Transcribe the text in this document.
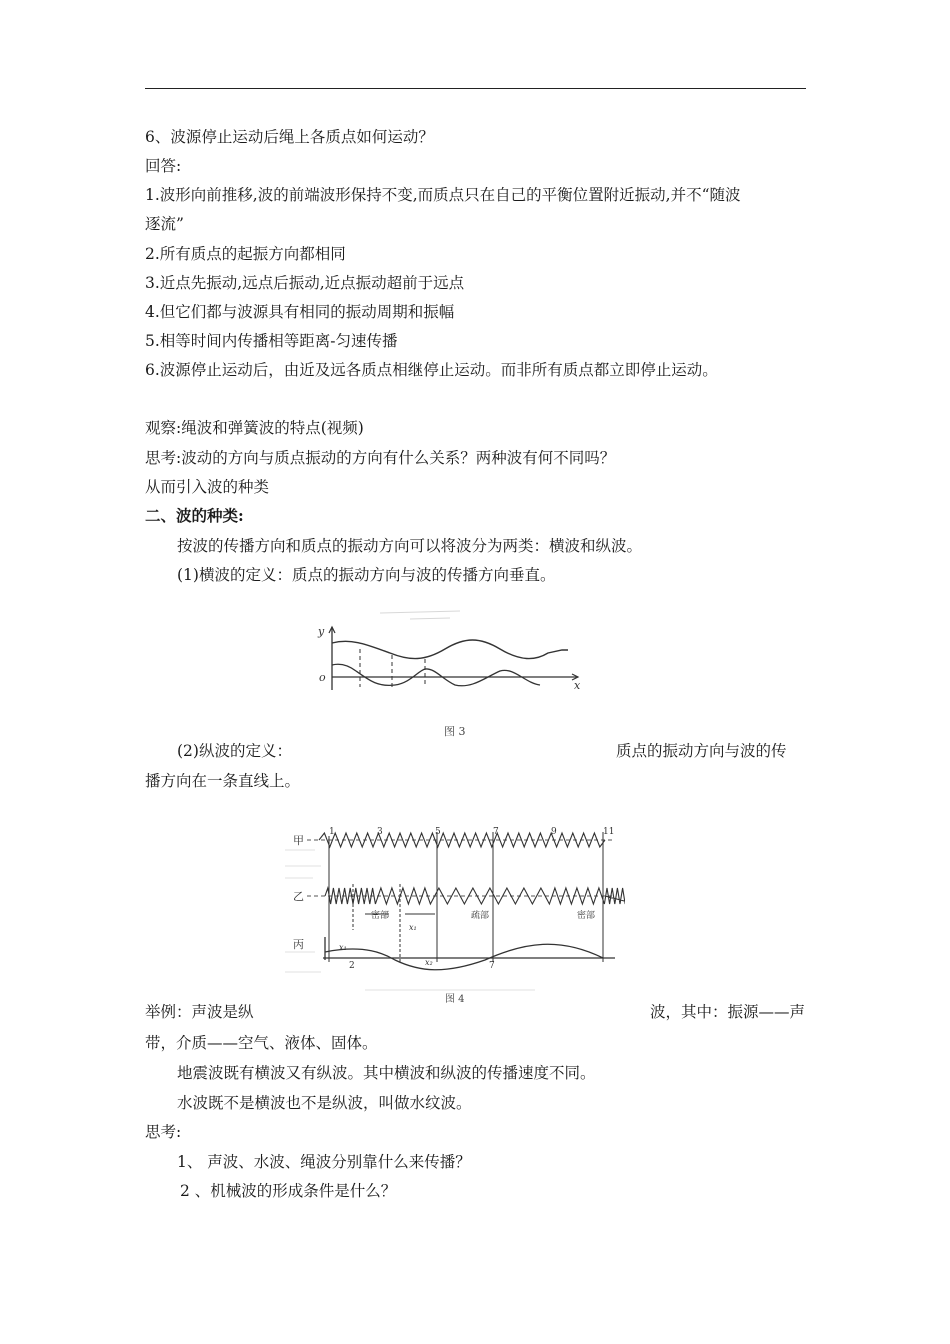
6、波源停止运动后绳上各质点如何运动？
回答:
1.波形向前推移,波的前端波形保持不变,而质点只在自己的平衡位置附近振动,并不“随波
逐流”
2.所有质点的起振方向都相同
3.近点先振动,远点后振动,近点振动超前于远点
4.但它们都与波源具有相同的振动周期和振幅
5.相等时间内传播相等距离-匀速传播
6.波源停止运动后，由近及远各质点相继停止运动。而非所有质点都立即停止运动。
观察:绳波和弹簧波的特点(视频)
思考:波动的方向与质点振动的方向有什么关系？两种波有何不同吗？
从而引入波的种类
二、波的种类:
按波的传播方向和质点的振动方向可以将波分为两类：横波和纵波。
(1)横波的定义：质点的振动方向与波的传播方向垂直。
y
o
x
图 3
(2)纵波的定义：	质点的振动方向与波的传
播方向在一条直线上。
甲
乙
丙
1	3	5	7	9	11
密部	疏部	密部
x₁
x₁
x₂
2	7
图 4
举例：声波是纵	波，其中：振源——声
带，介质——空气、液体、固体。
地震波既有横波又有纵波。其中横波和纵波的传播速度不同。
水波既不是横波也不是纵波，叫做水纹波。
思考:
1、 声波、水波、绳波分别靠什么来传播？
2 、机械波的形成条件是什么？
